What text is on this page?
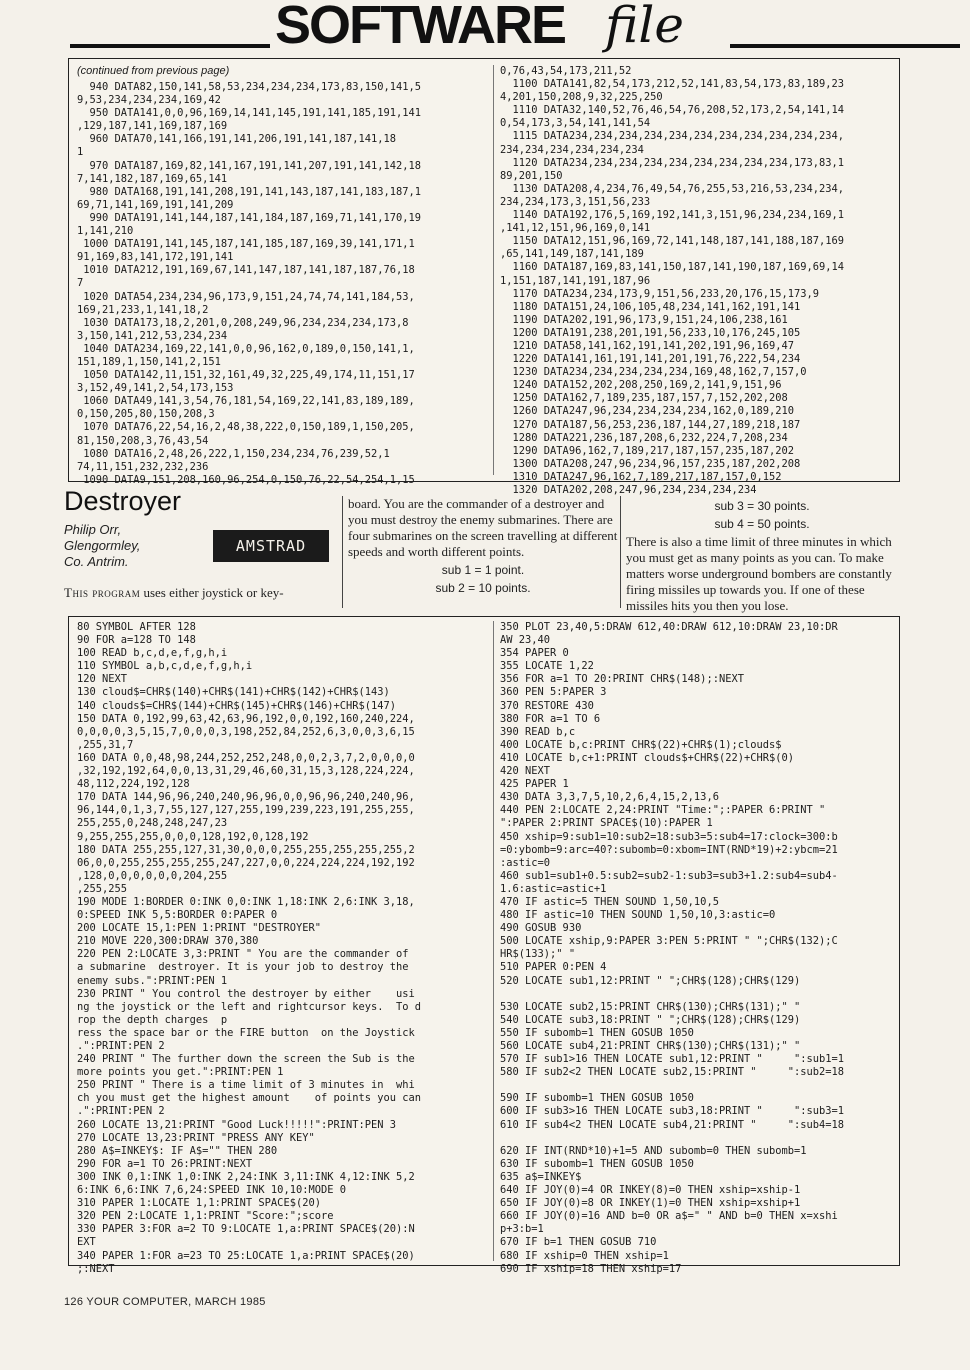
SOFTWARE file
(continued from previous page)
940 DATA82,150,141,58,53,234,234,234,173,83,150,141,5
9,53,234,234,234,169,42
950 DATA141,0,0,96,169,14,141,145,191,141,185,191,141
,129,187,141,169,187,169
960 DATA70,141,166,191,141,206,191,141,187,141,18
1
970 DATA187,169,82,141,167,191,141,207,191,141,142,18
7,141,182,187,169,65,141
980 DATA168,191,141,208,191,141,143,187,141,183,187,1
69,71,141,169,191,141,209
990 DATA191,141,144,187,141,184,187,169,71,141,170,19
1,141,210
1000 DATA191,141,145,187,141,185,187,169,39,141,171,1
91,169,83,141,172,191,141
1010 DATA212,191,169,67,141,147,187,141,187,187,76,18
7
1020 DATA54,234,234,96,173,9,151,24,74,74,141,184,53,
169,21,233,1,141,18,2
1030 DATA173,18,2,201,0,208,249,96,234,234,234,173,8
3,150,141,212,53,234,234
1040 DATA234,169,22,141,0,0,96,162,0,189,0,150,141,1,
151,189,1,150,141,2,151
1050 DATA142,11,151,32,161,49,32,225,49,174,11,151,17
3,152,49,141,2,54,173,153
1060 DATA49,141,3,54,76,181,54,169,22,141,83,189,189,
0,150,205,80,150,208,3
1070 DATA76,22,54,16,2,48,38,222,0,150,189,1,150,205,
81,150,208,3,76,43,54
1080 DATA16,2,48,26,222,1,150,234,234,76,239,52,1
74,11,151,232,232,236
1090 DATA9,151,208,160,96,254,0,150,76,22,54,254,1,15
0,76,43,54,173,211,52
1100 DATA141,82,54,173,212,52,141,83,54,173,83,189,23
4,201,150,208,9,32,225,250
1110 DATA32,140,52,76,46,54,76,208,52,173,2,54,141,14
0,54,173,3,54,141,141,54
1115 DATA234,234,234,234,234,234,234,234,234,234,234,
234,234,234,234,234,234
1120 DATA234,234,234,234,234,234,234,234,234,173,83,1
89,201,150
1130 DATA208,4,234,76,49,54,76,255,53,216,53,234,234,
234,234,173,3,151,56,233
1140 DATA192,176,5,169,192,141,3,151,96,234,234,169,1
,141,12,151,96,169,0,141
1150 DATA12,151,96,169,72,141,148,187,141,188,187,169
,65,141,149,187,141,189
1160 DATA187,169,83,141,150,187,141,190,187,169,69,14
1,151,187,141,191,187,96
1170 DATA234,234,173,9,151,56,233,20,176,15,173,9
1180 DATA151,24,106,105,48,234,141,162,191,141
1190 DATA202,191,96,173,9,151,24,106,238,161
1200 DATA191,238,201,191,56,233,10,176,245,105
1210 DATA58,141,162,191,141,202,191,96,169,47
1220 DATA141,161,191,141,201,191,76,222,54,234
1230 DATA234,234,234,234,234,169,48,162,7,157,0
1240 DATA152,202,208,250,169,2,141,9,151,96
1250 DATA162,7,189,235,187,157,7,152,202,208
1260 DATA247,96,234,234,234,234,162,0,189,210
1270 DATA187,56,253,236,187,144,27,189,218,187
1280 DATA221,236,187,208,6,232,224,7,208,234
1290 DATA96,162,7,189,217,187,157,235,187,202
1300 DATA208,247,96,234,96,157,235,187,202,208
1310 DATA247,96,162,7,189,217,187,157,0,152
1320 DATA202,208,247,96,234,234,234,234
Destroyer
Philip Orr,
Glengormley,
Co. Antrim.
AMSTRAD
This program uses either joystick or key-
board. You are the commander of a destroyer and you must destroy the enemy submarines. There are four submarines on the screen travelling at different speeds and worth different points.
sub 1 = 1 point.
sub 2 = 10 points.
sub 3 = 30 points.
sub 4 = 50 points.
There is also a time limit of three minutes in which you must get as many points as you can. To make matters worse underground bombers are constantly firing missiles up towards you. If one of these missiles hits you then you lose.
80 SYMBOL AFTER 128
90 FOR a=128 TO 148
100 READ b,c,d,e,f,g,h,i
110 SYMBOL a,b,c,d,e,f,g,h,i
120 NEXT
130 cloud$=CHR$(140)+CHR$(141)+CHR$(142)+CHR$(143)
140 clouds$=CHR$(144)+CHR$(145)+CHR$(146)+CHR$(147)
150 DATA 0,192,99,63,42,63,96,192,0,0,192,160,240,224,
0,0,0,0,3,5,15,7,0,0,0,3,198,252,84,252,6,3,0,0,3,6,15
,255,31,7
160 DATA 0,0,48,98,244,252,252,248,0,0,2,3,7,2,0,0,0,0
,32,192,192,64,0,0,13,31,29,46,60,31,15,3,128,224,224,
48,112,224,192,128
170 DATA 144,96,96,240,240,96,96,0,0,96,96,240,240,96,
96,144,0,1,3,7,55,127,127,255,199,239,223,191,255,255,
255,255,0,248,248,247,23
9,255,255,255,0,0,0,128,192,0,128,192
180 DATA 255,255,127,31,30,0,0,0,255,255,255,255,255,2
06,0,0,255,255,255,255,247,227,0,0,224,224,224,192,192
,128,0,0,0,0,0,0,204,255
,255,255
190 MODE 1:BORDER 0:INK 0,0:INK 1,18:INK 2,6:INK 3,18,
0:SPEED INK 5,5:BORDER 0:PAPER 0
200 LOCATE 15,1:PEN 1:PRINT "DESTROYER"
210 MOVE 220,300:DRAW 370,380
220 PEN 2:LOCATE 3,3:PRINT " You are the commander of
a submarine  destroyer. It is your job to destroy the
enemy subs.":PRINT:PEN 1
230 PRINT " You control the destroyer by either    usi
ng the joystick or the left and rightcursor keys.  To d
rop the depth charges  p
ress the space bar or the FIRE button  on the Joystick
.":PRINT:PEN 2
240 PRINT " The further down the screen the Sub is the
more points you get.":PRINT:PEN 1
250 PRINT " There is a time limit of 3 minutes in  whi
ch you must get the highest amount    of points you can
.":PRINT:PEN 2
260 LOCATE 13,21:PRINT "Good Luck!!!!!":PRINT:PEN 3
270 LOCATE 13,23:PRINT "PRESS ANY KEY"
280 A$=INKEY$: IF A$="" THEN 280
290 FOR a=1 TO 26:PRINT:NEXT
300 INK 0,1:INK 1,0:INK 2,24:INK 3,11:INK 4,12:INK 5,2
6:INK 6,6:INK 7,6,24:SPEED INK 10,10:MODE 0
310 PAPER 1:LOCATE 1,1:PRINT SPACE$(20)
320 PEN 2:LOCATE 1,1:PRINT "Score:";score
330 PAPER 3:FOR a=2 TO 9:LOCATE 1,a:PRINT SPACE$(20):N
EXT
340 PAPER 1:FOR a=23 TO 25:LOCATE 1,a:PRINT SPACE$(20)
;:NEXT
350 PLOT 23,40,5:DRAW 612,40:DRAW 612,10:DRAW 23,10:DR
AW 23,40
354 PAPER 0
355 LOCATE 1,22
356 FOR a=1 TO 20:PRINT CHR$(148);:NEXT
360 PEN 5:PAPER 3
370 RESTORE 430
380 FOR a=1 TO 6
390 READ b,c
400 LOCATE b,c:PRINT CHR$(22)+CHR$(1);clouds$
410 LOCATE b,c+1:PRINT clouds$+CHR$(22)+CHR$(0)
420 NEXT
425 PAPER 1
430 DATA 3,3,7,5,10,2,6,4,15,2,13,6
440 PEN 2:LOCATE 2,24:PRINT "Time:";:PAPER 6:PRINT "
":PAPER 2:PRINT SPACE$(10):PAPER 1
450 xship=9:sub1=10:sub2=18:sub3=5:sub4=17:clock=300:b
=0:ybomb=9:arc=40?:subomb=0:xbom=INT(RND*19)+2:ybcm=21
:astic=0
460 sub1=sub1+0.5:sub2=sub2-1:sub3=sub3+1.2:sub4=sub4-
1.6:astic=astic+1
470 IF astic=5 THEN SOUND 1,50,10,5
480 IF astic=10 THEN SOUND 1,50,10,3:astic=0
490 GOSUB 930
500 LOCATE xship,9:PAPER 3:PEN 5:PRINT " ";CHR$(132);C
HR$(133);" "
510 PAPER 0:PEN 4
520 LOCATE sub1,12:PRINT " ";CHR$(128);CHR$(129)

530 LOCATE sub2,15:PRINT CHR$(130);CHR$(131);" "
540 LOCATE sub3,18:PRINT " ";CHR$(128);CHR$(129)
550 IF subomb=1 THEN GOSUB 1050
560 LOCATE sub4,21:PRINT CHR$(130);CHR$(131);" "
570 IF sub1>16 THEN LOCATE sub1,12:PRINT "     ":sub1=1
580 IF sub2<2 THEN LOCATE sub2,15:PRINT "     ":sub2=18

590 IF subomb=1 THEN GOSUB 1050
600 IF sub3>16 THEN LOCATE sub3,18:PRINT "     ":sub3=1
610 IF sub4<2 THEN LOCATE sub4,21:PRINT "     ":sub4=18

620 IF INT(RND*10)+1=5 AND subomb=0 THEN subomb=1
630 IF subomb=1 THEN GOSUB 1050
635 a$=INKEY$
640 IF JOY(0)=4 OR INKEY(8)=0 THEN xship=xship-1
650 IF JOY(0)=8 OR INKEY(1)=0 THEN xship=xship+1
660 IF JOY(0)=16 AND b=0 OR a$=" " AND b=0 THEN x=xshi
p+3:b=1
670 IF b=1 THEN GOSUB 710
680 IF xship=0 THEN xship=1
690 IF xship=18 THEN xship=17
126 YOUR COMPUTER, MARCH 1985
